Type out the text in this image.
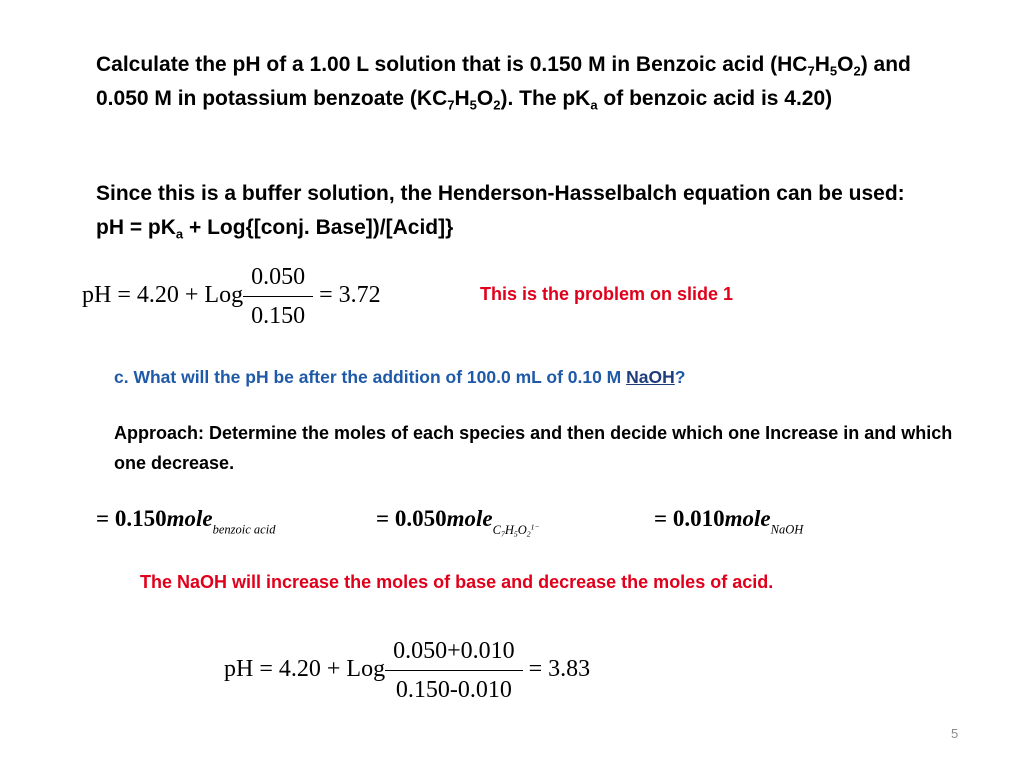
Calculate the pH of a 1.00 L solution that is 0.150 M in Benzoic acid $(HC_7H_5O_2)$ and 0.050 M in potassium benzoate $(KC_7H_5O_2)$. The $pK_a$ of benzoic acid is 4.20)
Since this is a buffer solution, the Henderson-Hasselbalch equation can be used: pH = $pK_a$ + Log{[conj. Base])/[Acid]}
pH = 4.20 + Log $\frac{0.050}{0.150} = 3.72$	This is the problem on slide 1
c. What will the pH be after the addition of 100.0 mL of 0.10 M NaOH?
Approach: Determine the moles of each species and then decide which one Increase in and which one decrease.
= 0.150mole$_{benzoic acid}$	= 0.050mole$_{C_7H_5O_2^{1-}}$	= 0.010mole$_{NaOH}$
The NaOH will increase the moles of base and decrease the moles of acid.
pH = 4.20 + Log $\frac{0.050+0.010}{0.150-0.010} = 3.83$
5
